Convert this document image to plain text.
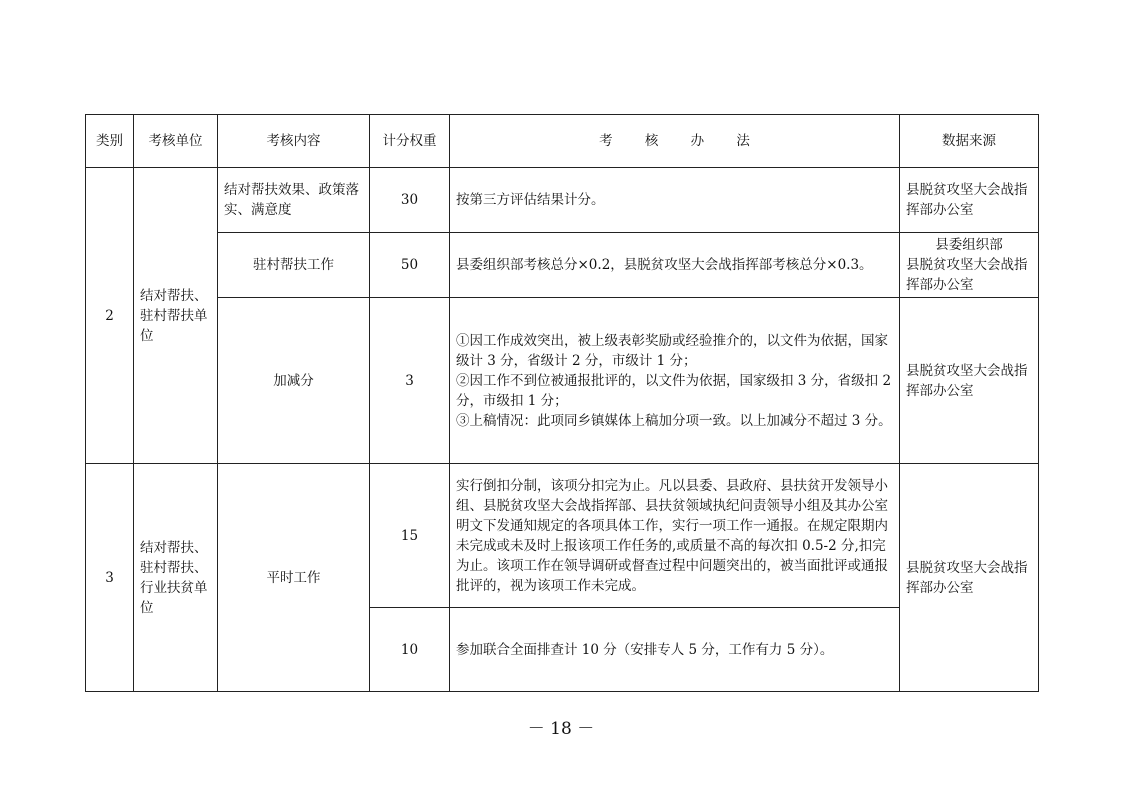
类别	考核单位	考核内容	计分权重	考 核 办 法	数据来源
2	结对帮扶、驻村帮扶单位	结对帮扶效果、政策落实、满意度	30	按第三方评估结果计分。	县脱贫攻坚大会战指挥部办公室
		驻村帮扶工作	50	县委组织部考核总分×0.2，县脱贫攻坚大会战指挥部考核总分×0.3。	县委组织部
县脱贫攻坚大会战指挥部办公室

		加减分	3	①因工作成效突出，被上级表彰奖励或经验推介的，以文件为依据，国家级计 3 分，省级计 2 分，市级计 1 分；
②因工作不到位被通报批评的，以文件为依据，国家级扣 3 分，省级扣 2 分，市级扣 1 分；
③上稿情况：此项同乡镇媒体上稿加分项一致。以上加减分不超过 3 分。	县脱贫攻坚大会战指挥部办公室
3	结对帮扶、驻村帮扶、行业扶贫单位	平时工作	15	实行倒扣分制，该项分扣完为止。凡以县委、县政府、县扶贫开发领导小组、县脱贫攻坚大会战指挥部、县扶贫领域执纪问责领导小组及其办公室明文下发通知规定的各项具体工作，实行一项工作一通报。在规定限期内未完成或未及时上报该项工作任务的,或质量不高的每次扣 0.5-2 分,扣完为止。该项工作在领导调研或督查过程中问题突出的，被当面批评或通报批评的，视为该项工作未完成。	县脱贫攻坚大会战指挥部办公室
			10	参加联合全面排查计 10 分（安排专人 5 分，工作有力 5 分）。	
－ 18 －
